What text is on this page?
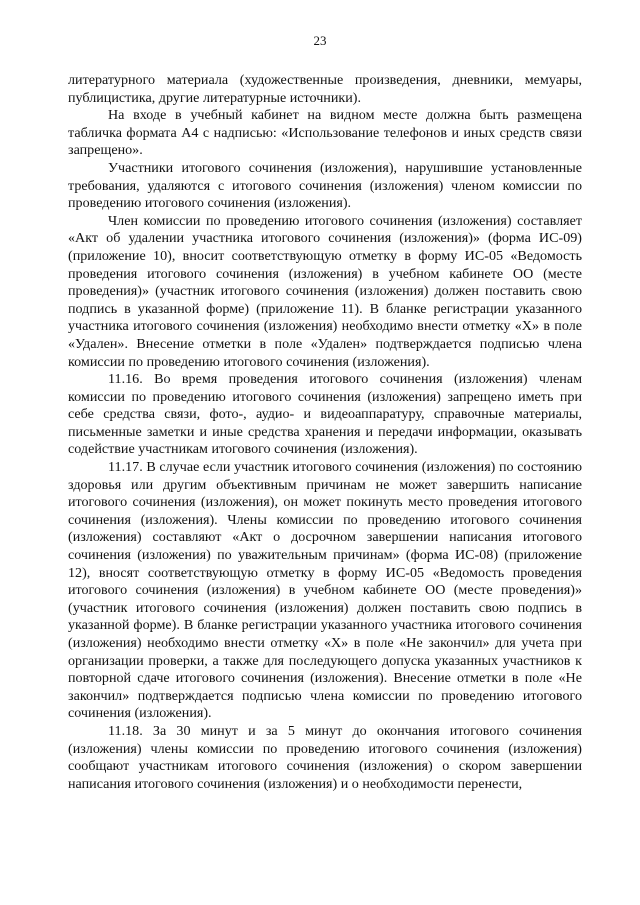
23

литературного материала (художественные произведения, дневники, мемуары, публицистика, другие литературные источники).

На входе в учебный кабинет на видном месте должна быть размещена табличка формата А4 с надписью: «Использование телефонов и иных средств связи запрещено».

Участники итогового сочинения (изложения), нарушившие установленные требования, удаляются с итогового сочинения (изложения) членом комиссии по проведению итогового сочинения (изложения).

Член комиссии по проведению итогового сочинения (изложения) составляет «Акт об удалении участника итогового сочинения (изложения)» (форма ИС-09) (приложение 10), вносит соответствующую отметку в форму ИС-05 «Ведомость проведения итогового сочинения (изложения) в учебном кабинете ОО (месте проведения)» (участник итогового сочинения (изложения) должен поставить свою подпись в указанной форме) (приложение 11). В бланке регистрации указанного участника итогового сочинения (изложения) необходимо внести отметку «Х» в поле «Удален». Внесение отметки в поле «Удален» подтверждается подписью члена комиссии по проведению итогового сочинения (изложения).

11.16. Во время проведения итогового сочинения (изложения) членам комиссии по проведению итогового сочинения (изложения) запрещено иметь при себе средства связи, фото-, аудио- и видеоаппаратуру, справочные материалы, письменные заметки и иные средства хранения и передачи информации, оказывать содействие участникам итогового сочинения (изложения).

11.17. В случае если участник итогового сочинения (изложения) по состоянию здоровья или другим объективным причинам не может завершить написание итогового сочинения (изложения), он может покинуть место проведения итогового сочинения (изложения). Члены комиссии по проведению итогового сочинения (изложения) составляют «Акт о досрочном завершении написания итогового сочинения (изложения) по уважительным причинам» (форма ИС-08) (приложение 12), вносят соответствующую отметку в форму ИС-05 «Ведомость проведения итогового сочинения (изложения) в учебном кабинете ОО (месте проведения)» (участник итогового сочинения (изложения) должен поставить свою подпись в указанной форме). В бланке регистрации указанного участника итогового сочинения (изложения) необходимо внести отметку «Х» в поле «Не закончил» для учета при организации проверки, а также для последующего допуска указанных участников к повторной сдаче итогового сочинения (изложения). Внесение отметки в поле «Не закончил» подтверждается подписью члена комиссии по проведению итогового сочинения (изложения).

11.18. За 30 минут и за 5 минут до окончания итогового сочинения (изложения) члены комиссии по проведению итогового сочинения (изложения) сообщают участникам итогового сочинения (изложения) о скором завершении написания итогового сочинения (изложения) и о необходимости перенести,
